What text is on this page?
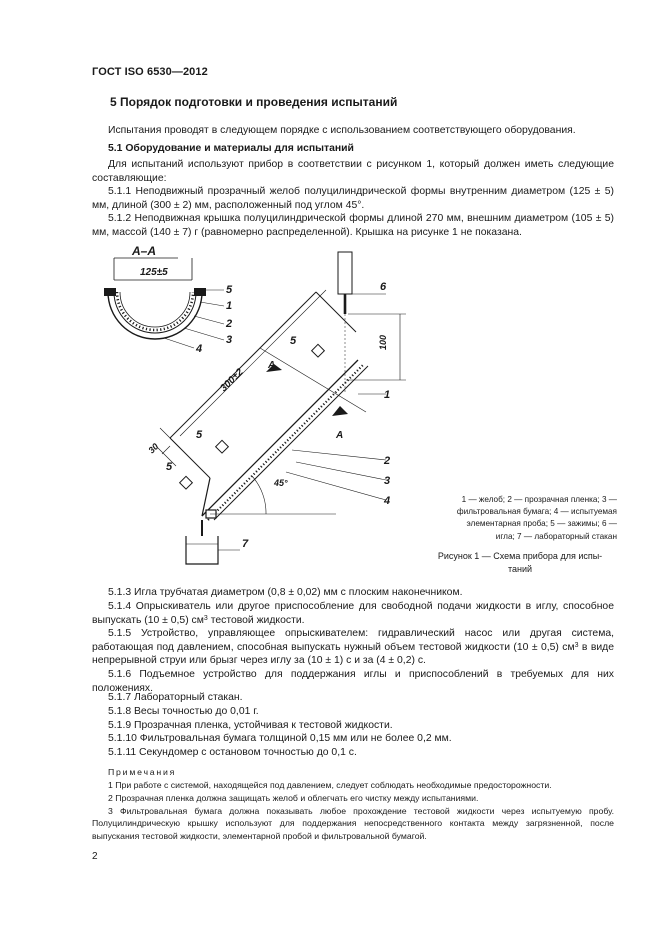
ГОСТ ISO 6530—2012
5 Порядок подготовки и проведения испытаний
Испытания проводят в следующем порядке с использованием соответствующего оборудования.
5.1 Оборудование и материалы для испытаний
Для испытаний используют прибор в соответствии с рисунком 1, который должен иметь следующие составляющие:
5.1.1 Неподвижный прозрачный желоб полуцилиндрической формы внутренним диаметром (125 ± 5) мм, длиной (300 ± 2) мм, расположенный под углом 45°.
5.1.2 Неподвижная крышка полуцилиндрической формы длиной 270 мм, внешним диаметром (105 ± 5) мм, массой (140 ± 7) г (равномерно распределенной). Крышка на рисунке 1 не показана.
А–А
125±5
5
1
2
3
4
6
100
1
2
3
4
5
5
5
А
А
300±2
30
45°
7
1 — желоб; 2 — прозрачная пленка; 3 —
фильтровальная бумага; 4 — испытуемая
элементарная проба; 5 — зажимы; 6 —
игла; 7 — лабораторный стакан
Рисунок 1 — Схема прибора для испы-
таний
5.1.3 Игла трубчатая диаметром (0,8 ± 0,02) мм с плоским наконечником.
5.1.4 Опрыскиватель или другое приспособление для свободной подачи жидкости в иглу, способное выпускать (10 ± 0,5) $см^3$ тестовой жидкости.
5.1.5 Устройство, управляющее опрыскивателем: гидравлический насос или другая система, работающая под давлением, способная выпускать нужный объем тестовой жидкости (10 ± 0,5) $см^3$ в виде непрерывной струи или брызг через иглу за (10 ± 1) с и за (4 ± 0,2) с.
5.1.6 Подъемное устройство для поддержания иглы и приспособлений в требуемых для них положениях.
5.1.7 Лабораторный стакан.
5.1.8 Весы точностью до 0,01 г.
5.1.9 Прозрачная пленка, устойчивая к тестовой жидкости.
5.1.10 Фильтровальная бумага толщиной 0,15 мм или не более 0,2 мм.
5.1.11 Секундомер с остановом точностью до 0,1 с.
Примечания
1 При работе с системой, находящейся под давлением, следует соблюдать необходимые предосторожности.
2 Прозрачная пленка должна защищать желоб и облегчать его чистку между испытаниями.
3 Фильтровальная бумага должна показывать любое прохождение тестовой жидкости через испытуемую пробу. Полуцилиндрическую крышку используют для поддержания непосредственного контакта между загрязненной, после выпускания тестовой жидкости, элементарной пробой и фильтровальной бумагой.
2
